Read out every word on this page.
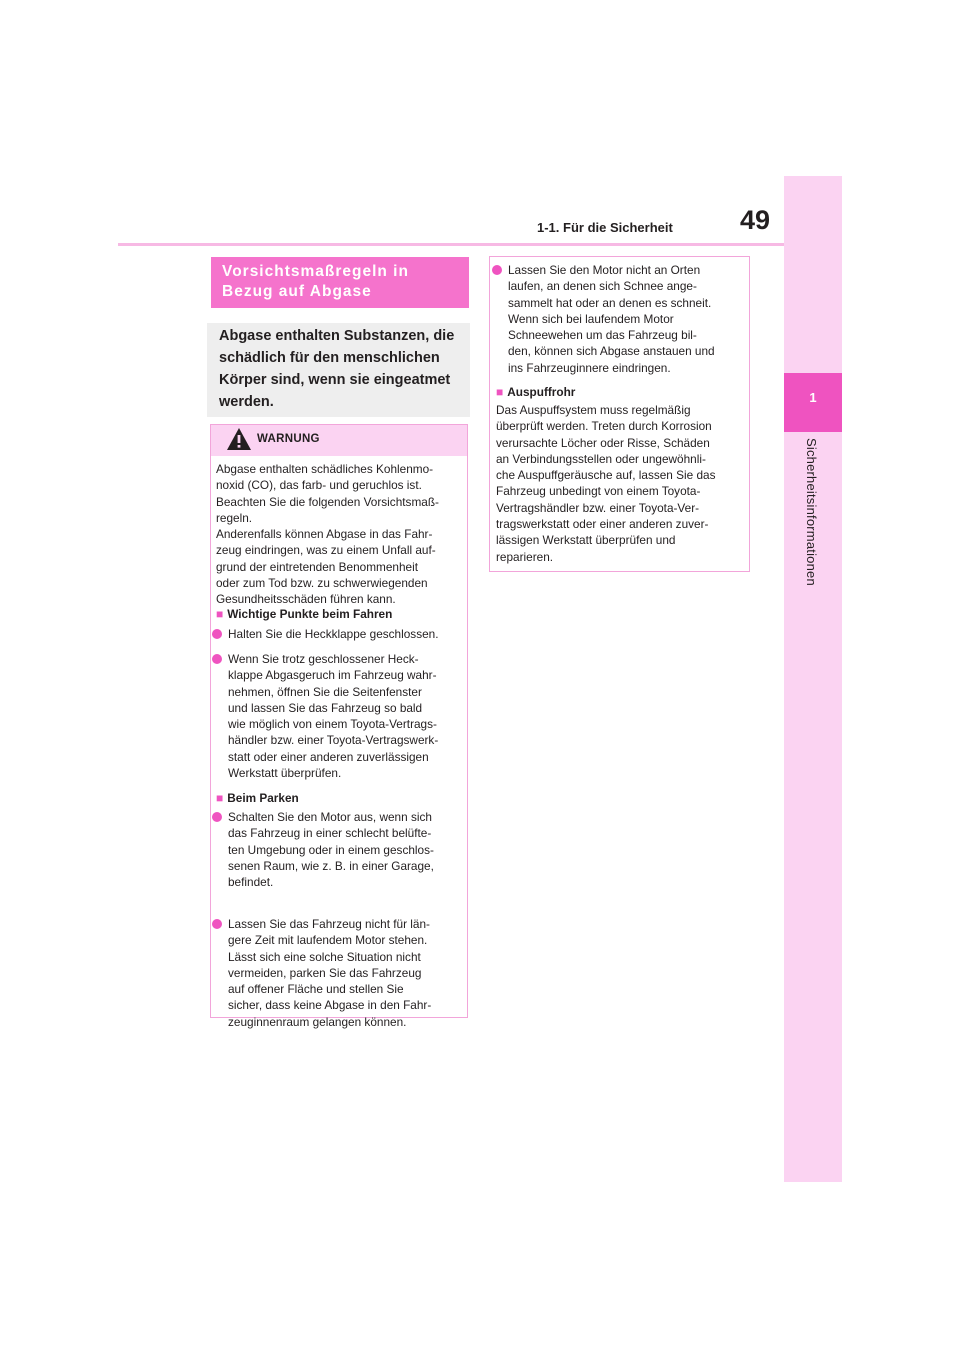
1-1. Für die Sicherheit 49
1
Sicherheitsinformationen
Vorsichtsmaßregeln in
Bezug auf Abgase
Abgase enthalten Substanzen, die
schädlich für den menschlichen
Körper sind, wenn sie eingeatmet
werden.
WARNUNG
Abgase enthalten schädliches Kohlenmo-
noxid (CO), das farb- und geruchlos ist.
Beachten Sie die folgenden Vorsichtsmaß-
regeln.
Anderenfalls können Abgase in das Fahr-
zeug eindringen, was zu einem Unfall auf-
grund der eintretenden Benommenheit
oder zum Tod bzw. zu schwerwiegenden
Gesundheitsschäden führen kann.
■ Wichtige Punkte beim Fahren
Halten Sie die Heckklappe geschlossen.
Wenn Sie trotz geschlossener Heck-
klappe Abgasgeruch im Fahrzeug wahr-
nehmen, öffnen Sie die Seitenfenster
und lassen Sie das Fahrzeug so bald
wie möglich von einem Toyota-Vertrags-
händler bzw. einer Toyota-Vertragswerk-
statt oder einer anderen zuverlässigen
Werkstatt überprüfen.
■ Beim Parken
Schalten Sie den Motor aus, wenn sich
das Fahrzeug in einer schlecht belüfte-
ten Umgebung oder in einem geschlos-
senen Raum, wie z. B. in einer Garage,
befindet.
Lassen Sie das Fahrzeug nicht für län-
gere Zeit mit laufendem Motor stehen.
Lässt sich eine solche Situation nicht
vermeiden, parken Sie das Fahrzeug
auf offener Fläche und stellen Sie
sicher, dass keine Abgase in den Fahr-
zeuginnenraum gelangen können.
Lassen Sie den Motor nicht an Orten
laufen, an denen sich Schnee ange-
sammelt hat oder an denen es schneit.
Wenn sich bei laufendem Motor
Schneewehen um das Fahrzeug bil-
den, können sich Abgase anstauen und
ins Fahrzeuginnere eindringen.
■ Auspuffrohr
Das Auspuffsystem muss regelmäßig
überprüft werden. Treten durch Korrosion
verursachte Löcher oder Risse, Schäden
an Verbindungsstellen oder ungewöhnli-
che Auspuffgeräusche auf, lassen Sie das
Fahrzeug unbedingt von einem Toyota-
Vertragshändler bzw. einer Toyota-Ver-
tragswerkstatt oder einer anderen zuver-
lässigen Werkstatt überprüfen und
reparieren.
